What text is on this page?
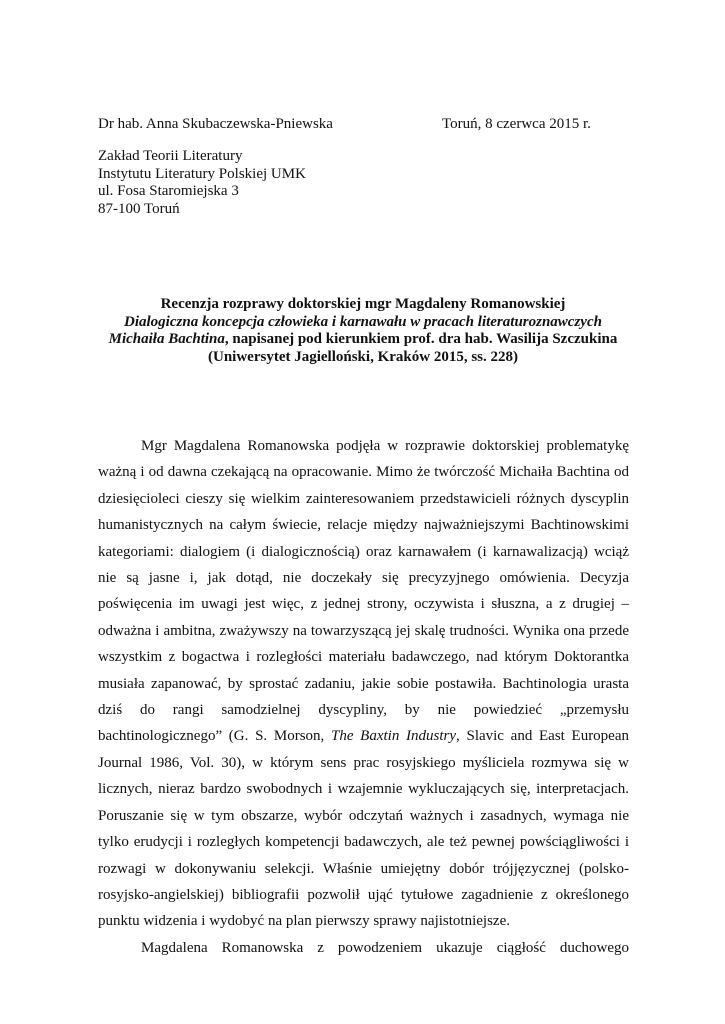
Dr hab. Anna Skubaczewska-Pniewska	Toruń, 8 czerwca 2015 r.
Zakład Teorii Literatury
Instytutu Literatury Polskiej UMK
ul. Fosa Staromiejska 3
87-100 Toruń
Recenzja rozprawy doktorskiej mgr Magdaleny Romanowskiej
Dialogiczna koncepcja człowieka i karnawału w pracach literaturoznawczych Michaiła Bachtina, napisanej pod kierunkiem prof. dra hab. Wasilija Szczukina
(Uniwersytet Jagielloński, Kraków 2015, ss. 228)

Mgr Magdalena Romanowska podjęła w rozprawie doktorskiej problematykę ważną i od dawna czekającą na opracowanie. Mimo że twórczość Michaiła Bachtina od dziesięcioleci cieszy się wielkim zainteresowaniem przedstawicieli różnych dyscyplin humanistycznych na całym świecie, relacje między najważniejszymi Bachtinowskimi kategoriami: dialogiem (i dialogicznością) oraz karnawałem (i karnawalizacją) wciąż nie są jasne i, jak dotąd, nie doczekały się precyzyjnego omówienia. Decyzja poświęcenia im uwagi jest więc, z jednej strony, oczywista i słuszna, a z drugiej – odważna i ambitna, zważywszy na towarzyszącą jej skalę trudności. Wynika ona przede wszystkim z bogactwa i rozległości materiału badawczego, nad którym Doktorantka musiała zapanować, by sprostać zadaniu, jakie sobie postawiła. Bachtinologia urasta dziś do rangi samodzielnej dyscypliny, by nie powiedzieć „przemysłu bachtinologicznego” (G. S. Morson, The Baxtin Industry, Slavic and East European Journal 1986, Vol. 30), w którym sens prac rosyjskiego myśliciela rozmywa się w licznych, nieraz bardzo swobodnych i wzajemnie wykluczających się, interpretacjach. Poruszanie się w tym obszarze, wybór odczytań ważnych i zasadnych, wymaga nie tylko erudycji i rozległych kompetencji badawczych, ale też pewnej powściągliwości i rozwagi w dokonywaniu selekcji. Właśnie umiejętny dobór trójjęzycznej (polsko-rosyjsko-angielskiej) bibliografii pozwolił ująć tytułowe zagadnienie z określonego punktu widzenia i wydobyć na plan pierwszy sprawy najistotniejsze.

Magdalena Romanowska z powodzeniem ukazuje ciągłość duchowego
